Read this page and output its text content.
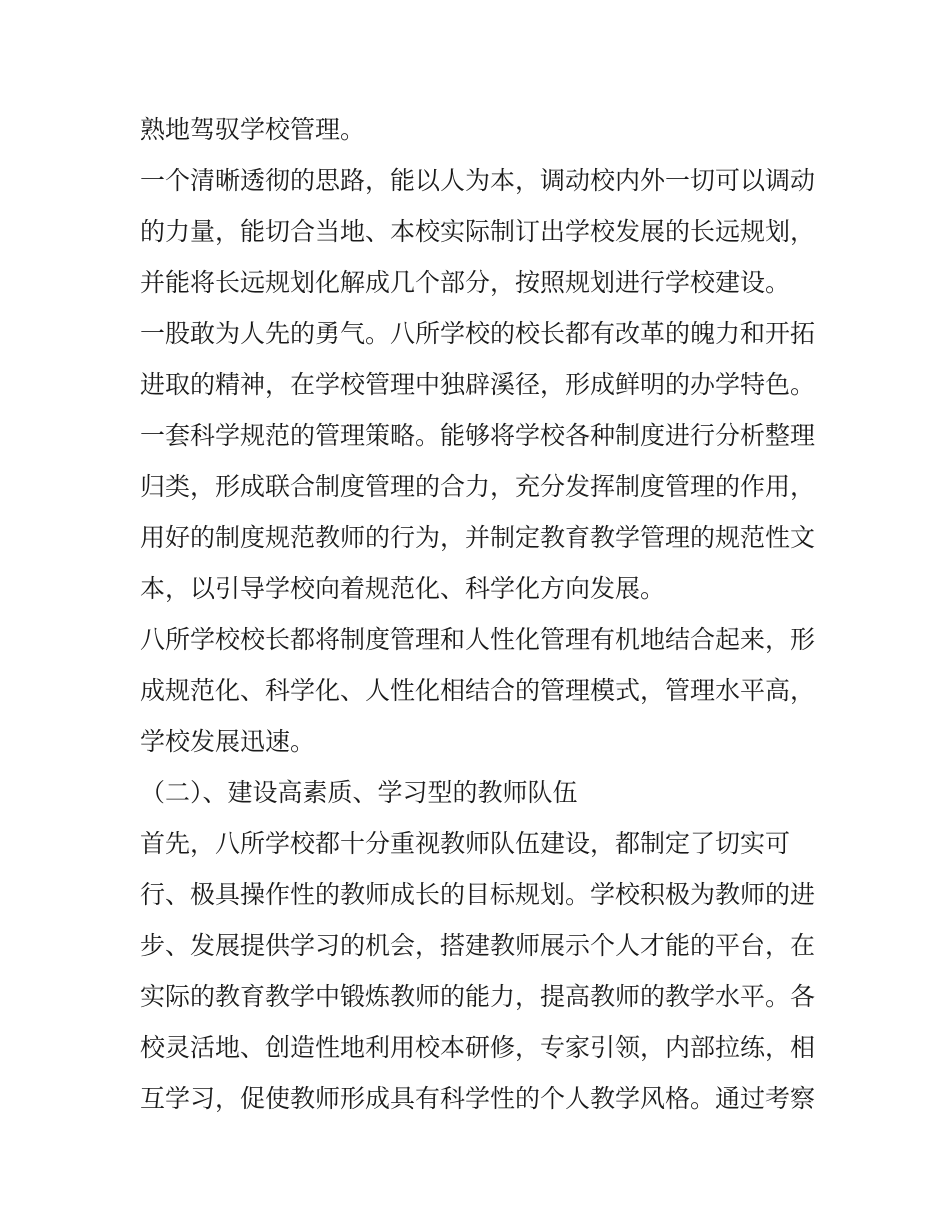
熟地驾驭学校管理。

一个清晰透彻的思路，能以人为本，调动校内外一切可以调动

的力量，能切合当地、本校实际制订出学校发展的长远规划，

并能将长远规划化解成几个部分，按照规划进行学校建设。

一股敢为人先的勇气。八所学校的校长都有改革的魄力和开拓

进取的精神，在学校管理中独辟溪径，形成鲜明的办学特色。

一套科学规范的管理策略。能够将学校各种制度进行分析整理

归类，形成联合制度管理的合力，充分发挥制度管理的作用，

用好的制度规范教师的行为，并制定教育教学管理的规范性文

本，以引导学校向着规范化、科学化方向发展。

八所学校校长都将制度管理和人性化管理有机地结合起来，形

成规范化、科学化、人性化相结合的管理模式，管理水平高，

学校发展迅速。

（二）、建设高素质、学习型的教师队伍

首先，八所学校都十分重视教师队伍建设，都制定了切实可

行、极具操作性的教师成长的目标规划。学校积极为教师的进

步、发展提供学习的机会，搭建教师展示个人才能的平台，在

实际的教育教学中锻炼教师的能力，提高教师的教学水平。各

校灵活地、创造性地利用校本研修，专家引领，内部拉练，相

互学习，促使教师形成具有科学性的个人教学风格。通过考察
